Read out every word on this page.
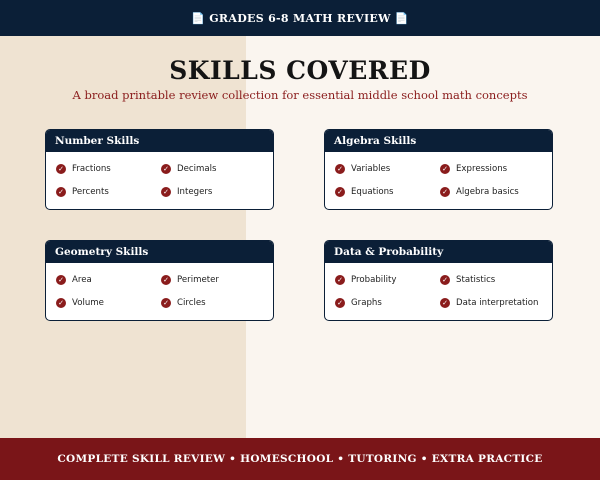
📄 GRADES 6-8 MATH REVIEW 📄
SKILLS COVERED
A broad printable review collection for essential middle school math concepts
Number Skills
✓ Fractions	✓ Decimals
✓ Percents	✓ Integers
Algebra Skills
✓ Variables	✓ Expressions
✓ Equations	✓ Algebra basics
Geometry Skills
✓ Area	✓ Perimeter
✓ Volume	✓ Circles
Data & Probability
✓ Probability	✓ Statistics
✓ Graphs	✓ Data interpretation
COMPLETE SKILL REVIEW • HOMESCHOOL • TUTORING • EXTRA PRACTICE
